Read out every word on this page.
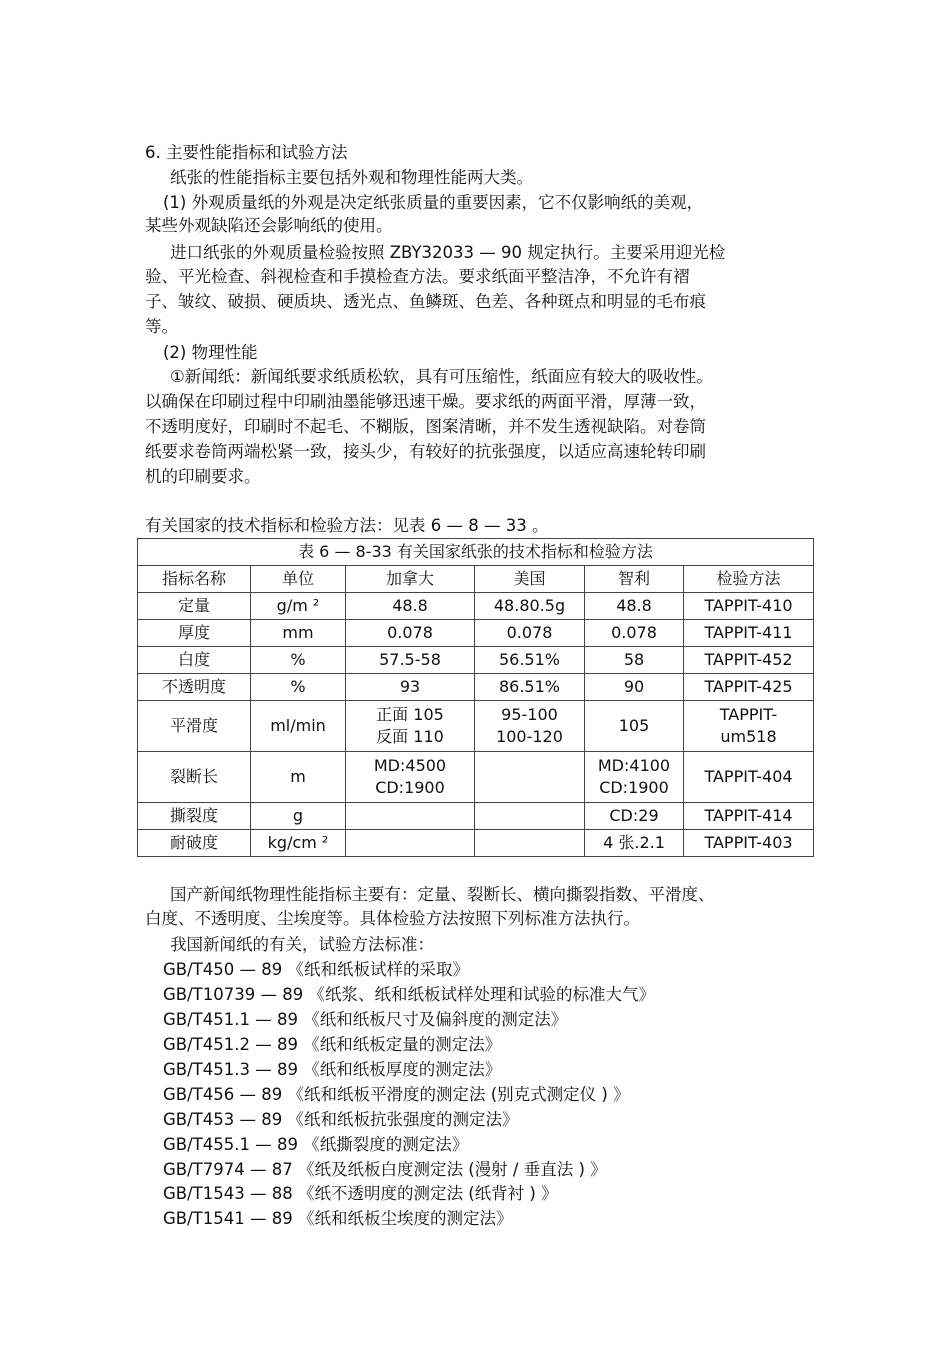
6. 主要性能指标和试验方法
纸张的性能指标主要包括外观和物理性能两大类。
(1) 外观质量纸的外观是决定纸张质量的重要因素，它不仅影响纸的美观，
某些外观缺陷还会影响纸的使用。
进口纸张的外观质量检验按照 ZBY32033 — 90 规定执行。主要采用迎光检
验、平光检查、斜视检查和手摸检查方法。要求纸面平整洁净，不允许有褶
子、皱纹、破损、硬质块、透光点、鱼鳞斑、色差、各种斑点和明显的毛布痕
等。
(2) 物理性能
①新闻纸：新闻纸要求纸质松软，具有可压缩性，纸面应有较大的吸收性。
以确保在印刷过程中印刷油墨能够迅速干燥。要求纸的两面平滑，厚薄一致，
不透明度好，印刷时不起毛、不糊版，图案清晰，并不发生透视缺陷。对卷筒
纸要求卷筒两端松紧一致，接头少，有较好的抗张强度，以适应高速轮转印刷
机的印刷要求。
有关国家的技术指标和检验方法：见表 6 — 8 — 33 。
表 6 — 8-33 有关国家纸张的技术指标和检验方法					
指标名称	单位	加拿大	美国	智利	检验方法
定量	g/m ²	48.8	48.80.5g	48.8	TAPPIT-410
厚度	mm	0.078	0.078	0.078	TAPPIT-411
白度	%	57.5-58	56.51%	58	TAPPIT-452
不透明度	%	93	86.51%	90	TAPPIT-425
平滑度	ml/min	正面 105
反面 110	95-100
100-120	105	TAPPIT-
um518

裂断长	m	MD:4500
CD:1900		MD:4100
CD:1900	TAPPIT-404
撕裂度	g			CD:29	TAPPIT-414
耐破度	kg/cm ²			4 张.2.1	TAPPIT-403
国产新闻纸物理性能指标主要有：定量、裂断长、横向撕裂指数、平滑度、
白度、不透明度、尘埃度等。具体检验方法按照下列标准方法执行。
我国新闻纸的有关，试验方法标准：
GB/T450 — 89 《纸和纸板试样的采取》
GB/T10739 — 89 《纸浆、纸和纸板试样处理和试验的标准大气》
GB/T451.1 — 89 《纸和纸板尺寸及偏斜度的测定法》
GB/T451.2 — 89 《纸和纸板定量的测定法》
GB/T451.3 — 89 《纸和纸板厚度的测定法》
GB/T456 — 89 《纸和纸板平滑度的测定法 (别克式测定仪 ) 》
GB/T453 — 89 《纸和纸板抗张强度的测定法》
GB/T455.1 — 89 《纸撕裂度的测定法》
GB/T7974 — 87 《纸及纸板白度测定法 (漫射 / 垂直法 ) 》
GB/T1543 — 88 《纸不透明度的测定法 (纸背衬 ) 》
GB/T1541 — 89 《纸和纸板尘埃度的测定法》
